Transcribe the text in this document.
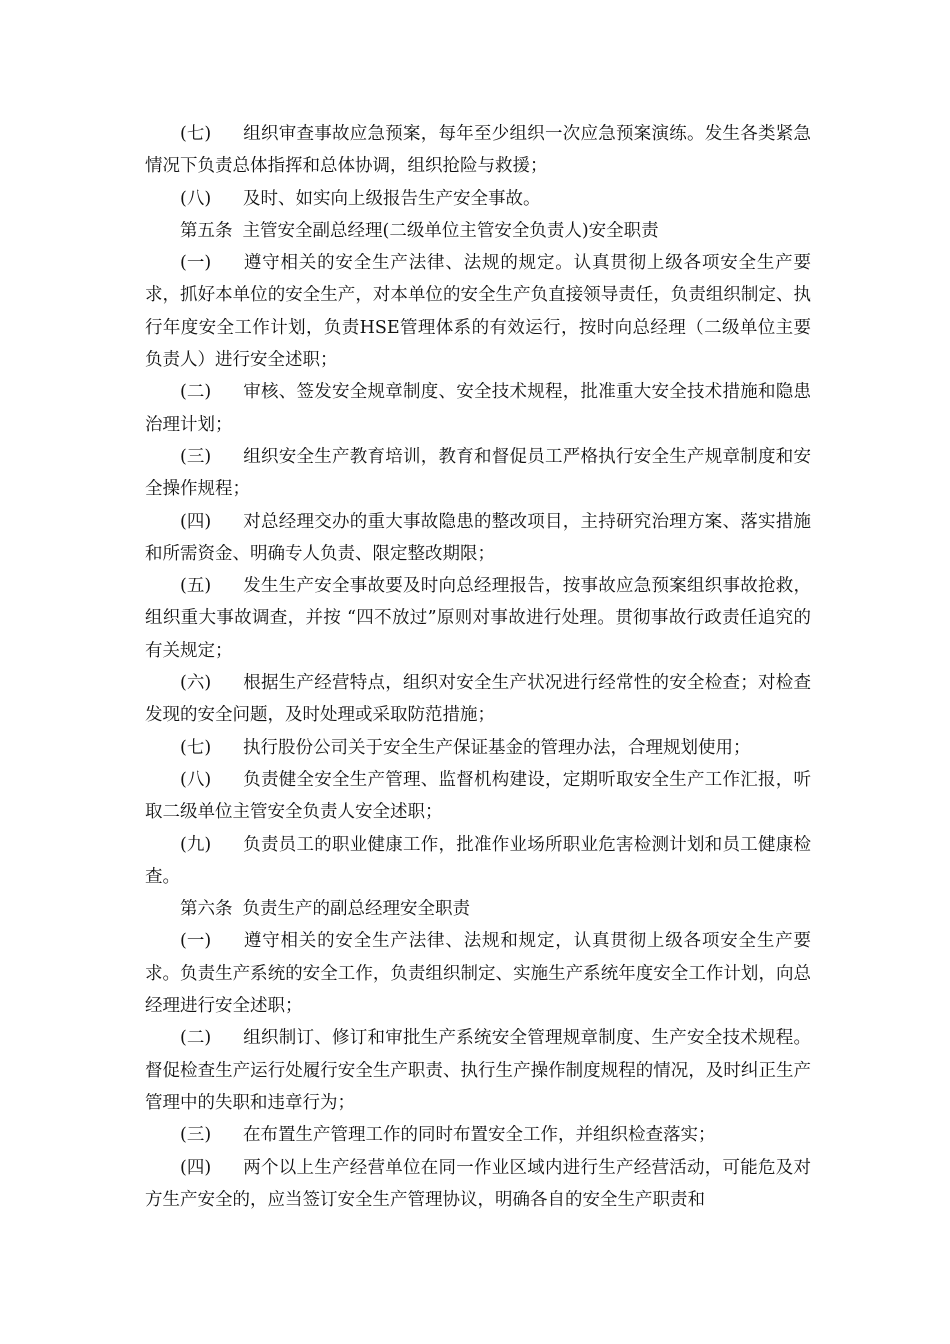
(七) 组织审查事故应急预案，每年至少组织一次应急预案演练。发生各类紧急情况下负责总体指挥和总体协调，组织抢险与救援；

(八) 及时、如实向上级报告生产安全事故。

第五条 主管安全副总经理(二级单位主管安全负责人)安全职责

(一) 遵守相关的安全生产法律、法规的规定。认真贯彻上级各项安全生产要求，抓好本单位的安全生产，对本单位的安全生产负直接领导责任，负责组织制定、执行年度安全工作计划，负责HSE管理体系的有效运行，按时向总经理（二级单位主要负责人）进行安全述职；

(二) 审核、签发安全规章制度、安全技术规程，批准重大安全技术措施和隐患治理计划；

(三) 组织安全生产教育培训，教育和督促员工严格执行安全生产规章制度和安全操作规程；

(四) 对总经理交办的重大事故隐患的整改项目，主持研究治理方案、落实措施和所需资金、明确专人负责、限定整改期限；

(五) 发生生产安全事故要及时向总经理报告，按事故应急预案组织事故抢救，组织重大事故调查，并按 “四不放过”原则对事故进行处理。贯彻事故行政责任追究的有关规定；

(六) 根据生产经营特点，组织对安全生产状况进行经常性的安全检查；对检查发现的安全问题，及时处理或采取防范措施；

(七) 执行股份公司关于安全生产保证基金的管理办法，合理规划使用；

(八) 负责健全安全生产管理、监督机构建设，定期听取安全生产工作汇报，听取二级单位主管安全负责人安全述职；

(九) 负责员工的职业健康工作，批准作业场所职业危害检测计划和员工健康检查。

第六条 负责生产的副总经理安全职责

(一) 遵守相关的安全生产法律、法规和规定，认真贯彻上级各项安全生产要求。负责生产系统的安全工作，负责组织制定、实施生产系统年度安全工作计划，向总经理进行安全述职；

(二) 组织制订、修订和审批生产系统安全管理规章制度、生产安全技术规程。督促检查生产运行处履行安全生产职责、执行生产操作制度规程的情况，及时纠正生产管理中的失职和违章行为；

(三) 在布置生产管理工作的同时布置安全工作，并组织检查落实；

(四) 两个以上生产经营单位在同一作业区域内进行生产经营活动，可能危及对方生产安全的，应当签订安全生产管理协议，明确各自的安全生产职责和
